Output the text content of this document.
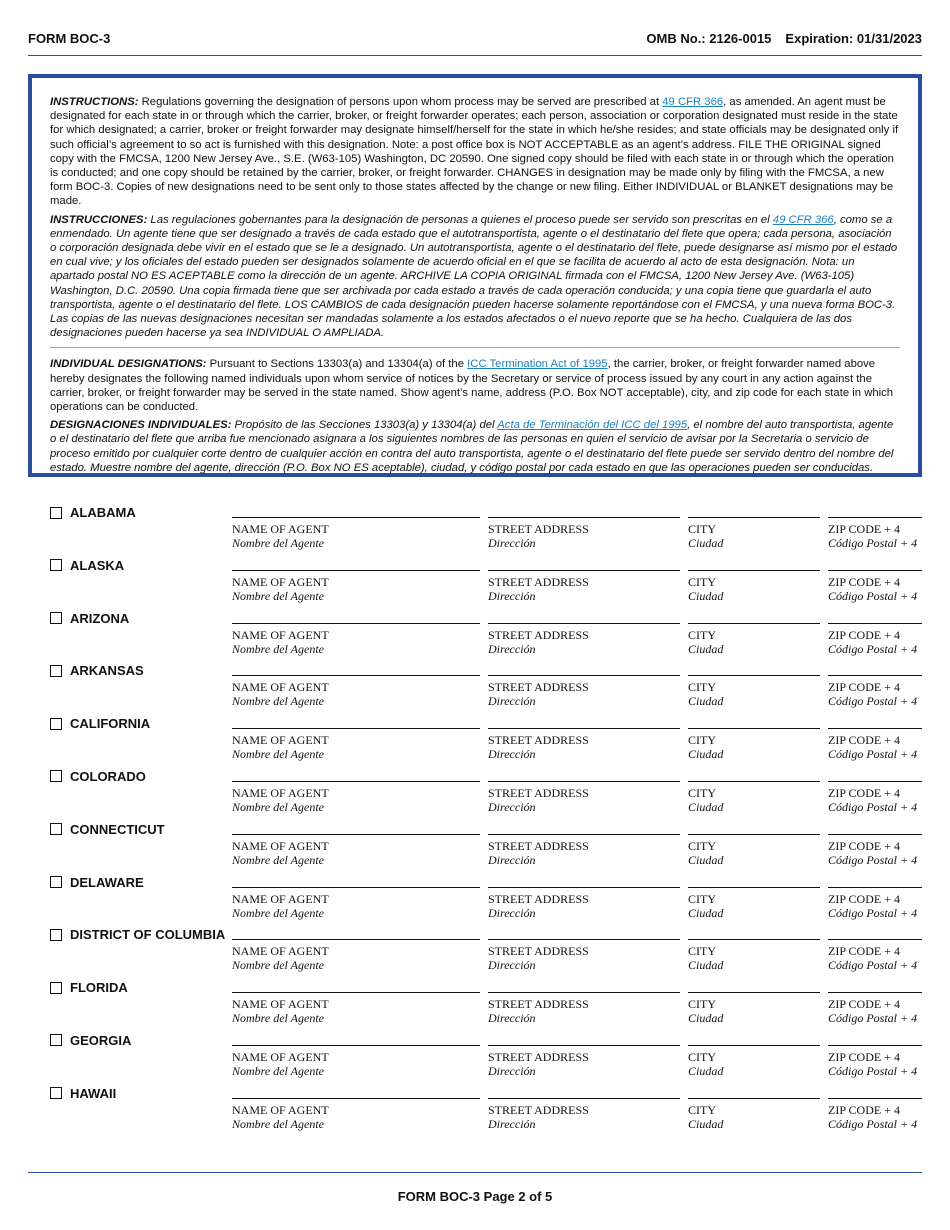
FORM BOC-3	OMB No.: 2126-0015 Expiration: 01/31/2023

INSTRUCTIONS: Regulations governing the designation of persons upon whom process may be served are prescribed at 49 CFR 366, as amended. An agent must be designated for each state in or through which the carrier, broker, or freight forwarder operates; each person, association or corporation designated must reside in the state for which designated; a carrier, broker or freight forwarder may designate himself/herself for the state in which he/she resides; and state officials may be designated only if such official’s agreement to so act is furnished with this designation. Note: a post office box is NOT ACCEPTABLE as an agent’s address. FILE THE ORIGINAL signed copy with the FMCSA, 1200 New Jersey Ave., S.E. (W63-105) Washington, DC 20590. One signed copy should be filed with each state in or through which the operation is conducted; and one copy should be retained by the carrier, broker, or freight forwarder. CHANGES in designation may be made only by filing with the FMCSA, a new form BOC-3. Copies of new designations need to be sent only to those states affected by the change or new filing. Either INDIVIDUAL or BLANKET designations may be made.

INSTRUCCIONES: Las regulaciones gobernantes para la designación de personas a quienes el proceso puede ser servido son prescritas en el 49 CFR 366, como se a enmendado. Un agente tiene que ser designado a través de cada estado que el autotransportista, agente o el destinatario del flete que opera; cada persona, asociación o corporación designada debe vivir en el estado que se le a designado. Un autotransportista, agente o el destinatario del flete, puede designarse así mismo por el estado en cual vive; y los oficiales del estado pueden ser designados solamente de acuerdo oficial en el que se facilita de acuerdo al acto de esta designación. Nota: un apartado postal NO ES ACEPTABLE como la dirección de un agente. ARCHIVE LA COPIA ORIGINAL firmada con el FMCSA, 1200 New Jersey Ave. (W63-105) Washington, D.C. 20590. Una copia firmada tiene que ser archivada por cada estado a través de cada operación conducida; y una copia tiene que guardarla el auto transportista, agente o el destinatario del flete. LOS CAMBIOS de cada designación pueden hacerse solamente reportándose con el FMCSA, y una nueva forma BOC-3. Las copias de las nuevas designaciones necesitan ser mandadas solamente a los estados afectados o el nuevo reporte que se ha hecho. Cualquiera de las dos designaciones pueden hacerse ya sea INDIVIDUAL O AMPLIADA.

INDIVIDUAL DESIGNATIONS: Pursuant to Sections 13303(a) and 13304(a) of the ICC Termination Act of 1995, the carrier, broker, or freight forwarder named above hereby designates the following named individuals upon whom service of notices by the Secretary or service of process issued by any court in any action against the carrier, broker, or freight forwarder may be served in the state named. Show agent’s name, address (P.O. Box NOT acceptable), city, and zip code for each state in which operations can be conducted.

DESIGNACIONES INDIVIDUALES: Propósito de las Secciones 13303(a) y 13304(a) del Acta de Terminación del ICC del 1995, el nombre del auto transportista, agente o el destinatario del flete que arriba fue mencionado asignara a los siguientes nombres de las personas en quien el servicio de avisar por la Secretaria o servicio de proceso emitido por cualquier corte dentro de cualquier acción en contra del auto transportista, agente o el destinatario del flete puede ser servido dentro del nombre del estado. Muestre nombre del agente, dirección (P.O. Box NO ES aceptable), ciudad, y código postal por cada estado en que las operaciones pueden ser conducidas.

ALABAMA
NAME OF AGENT
Nombre del Agente
STREET ADDRESS
Dirección
CITY
Ciudad
ZIP CODE + 4
Código Postal + 4
ALASKA
NAME OF AGENT
Nombre del Agente
STREET ADDRESS
Dirección
CITY
Ciudad
ZIP CODE + 4
Código Postal + 4
ARIZONA
NAME OF AGENT
Nombre del Agente
STREET ADDRESS
Dirección
CITY
Ciudad
ZIP CODE + 4
Código Postal + 4
ARKANSAS
NAME OF AGENT
Nombre del Agente
STREET ADDRESS
Dirección
CITY
Ciudad
ZIP CODE + 4
Código Postal + 4
CALIFORNIA
NAME OF AGENT
Nombre del Agente
STREET ADDRESS
Dirección
CITY
Ciudad
ZIP CODE + 4
Código Postal + 4
COLORADO
NAME OF AGENT
Nombre del Agente
STREET ADDRESS
Dirección
CITY
Ciudad
ZIP CODE + 4
Código Postal + 4
CONNECTICUT
NAME OF AGENT
Nombre del Agente
STREET ADDRESS
Dirección
CITY
Ciudad
ZIP CODE + 4
Código Postal + 4
DELAWARE
NAME OF AGENT
Nombre del Agente
STREET ADDRESS
Dirección
CITY
Ciudad
ZIP CODE + 4
Código Postal + 4
DISTRICT OF COLUMBIA
NAME OF AGENT
Nombre del Agente
STREET ADDRESS
Dirección
CITY
Ciudad
ZIP CODE + 4
Código Postal + 4
FLORIDA
NAME OF AGENT
Nombre del Agente
STREET ADDRESS
Dirección
CITY
Ciudad
ZIP CODE + 4
Código Postal + 4
GEORGIA
NAME OF AGENT
Nombre del Agente
STREET ADDRESS
Dirección
CITY
Ciudad
ZIP CODE + 4
Código Postal + 4
HAWAII
NAME OF AGENT
Nombre del Agente
STREET ADDRESS
Dirección
CITY
Ciudad
ZIP CODE + 4
Código Postal + 4
FORM BOC-3 Page 2 of 5
